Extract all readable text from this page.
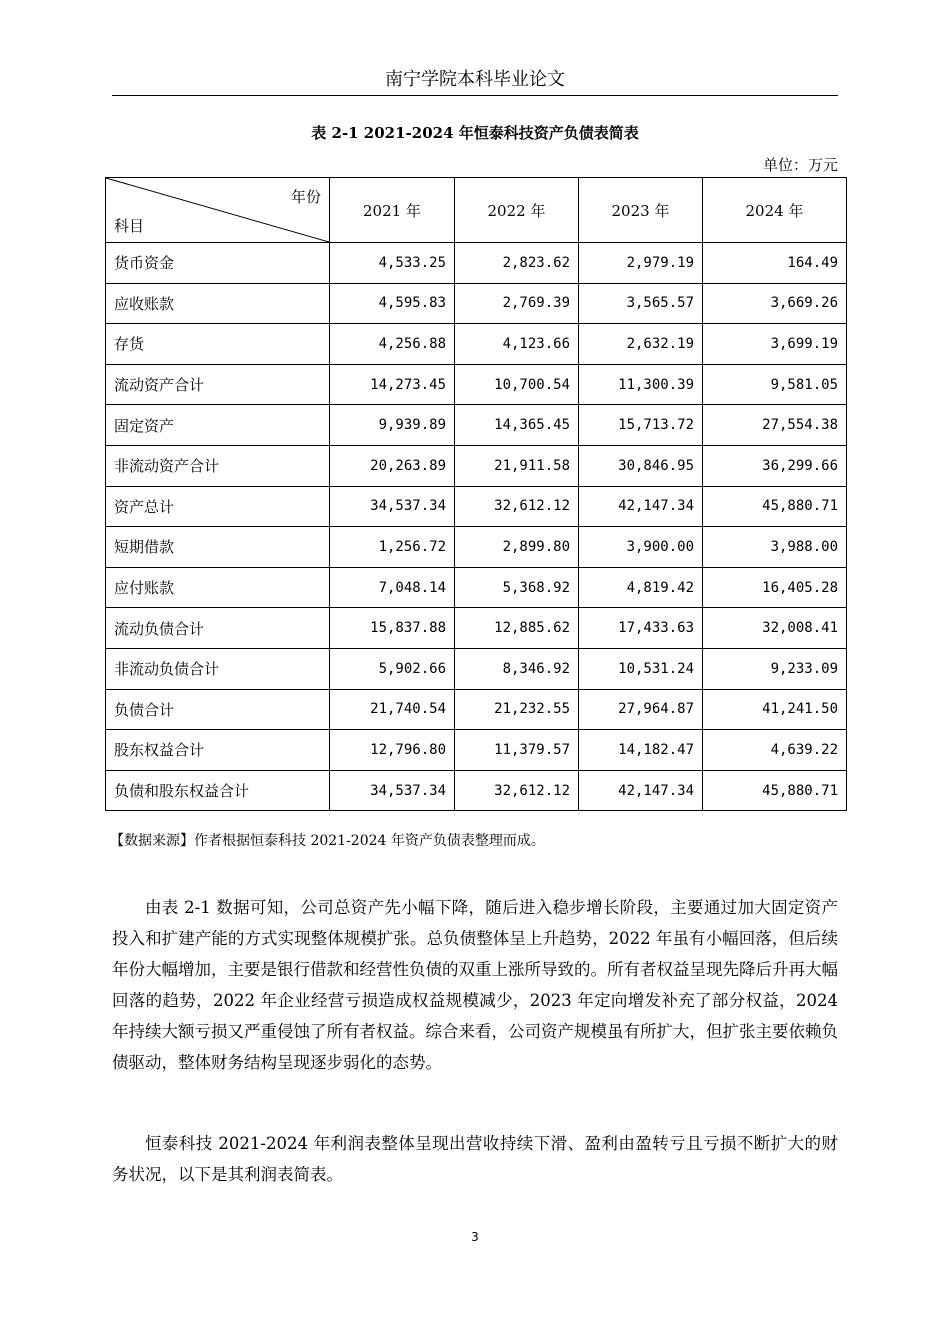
南宁学院本科毕业论文
表 2-1 2021-2024 年恒泰科技资产负债表简表
单位：万元
年份
科目	2021 年	2022 年	2023 年	2024 年
货币资金	4,533.25	2,823.62	2,979.19	164.49
应收账款	4,595.83	2,769.39	3,565.57	3,669.26
存货	4,256.88	4,123.66	2,632.19	3,699.19
流动资产合计	14,273.45	10,700.54	11,300.39	9,581.05
固定资产	9,939.89	14,365.45	15,713.72	27,554.38
非流动资产合计	20,263.89	21,911.58	30,846.95	36,299.66
资产总计	34,537.34	32,612.12	42,147.34	45,880.71
短期借款	1,256.72	2,899.80	3,900.00	3,988.00
应付账款	7,048.14	5,368.92	4,819.42	16,405.28
流动负债合计	15,837.88	12,885.62	17,433.63	32,008.41
非流动负债合计	5,902.66	8,346.92	10,531.24	9,233.09
负债合计	21,740.54	21,232.55	27,964.87	41,241.50
股东权益合计	12,796.80	11,379.57	14,182.47	4,639.22
负债和股东权益合计	34,537.34	32,612.12	42,147.34	45,880.71
【数据来源】作者根据恒泰科技 2021-2024 年资产负债表整理而成。
由表 2-1 数据可知，公司总资产先小幅下降，随后进入稳步增长阶段，主要通过加大固定资产投入和扩建产能的方式实现整体规模扩张。总负债整体呈上升趋势，2022 年虽有小幅回落，但后续年份大幅增加，主要是银行借款和经营性负债的双重上涨所导致的。所有者权益呈现先降后升再大幅回落的趋势，2022 年企业经营亏损造成权益规模减少，2023 年定向增发补充了部分权益，2024 年持续大额亏损又严重侵蚀了所有者权益。综合来看，公司资产规模虽有所扩大，但扩张主要依赖负债驱动，整体财务结构呈现逐步弱化的态势。
恒泰科技 2021-2024 年利润表整体呈现出营收持续下滑、盈利由盈转亏且亏损不断扩大的财务状况，以下是其利润表简表。
3
